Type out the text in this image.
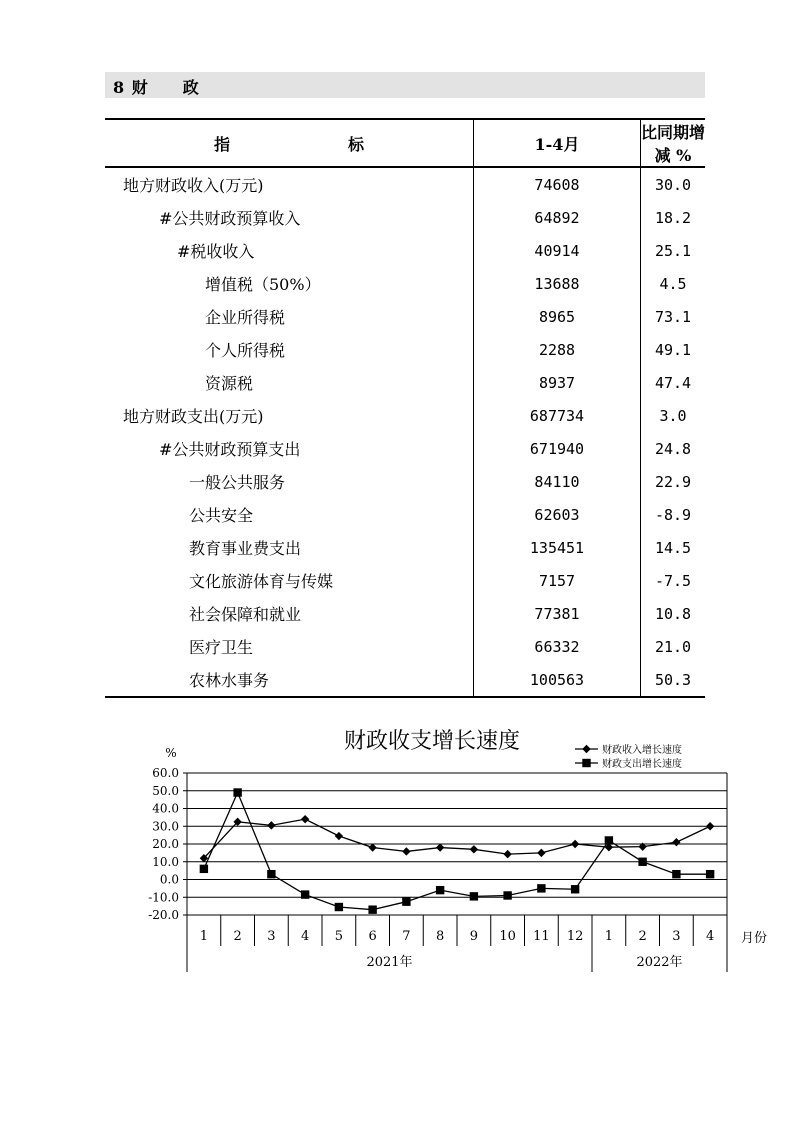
8 财　　政
指　　　标	1-4月	比同期增减 %
地方财政收入(万元)	74608	30.0
#公共财政预算收入	64892	18.2
#税收收入	40914	25.1
增值税（50%）	13688	4.5
企业所得税	8965	73.1
个人所得税	2288	49.1
资源税	8937	47.4
地方财政支出(万元)	687734	3.0
#公共财政预算支出	671940	24.8
一般公共服务	84110	22.9
公共安全	62603	-8.9
教育事业费支出	135451	14.5
文化旅游体育与传媒	7157	-7.5
社会保障和就业	77381	10.8
医疗卫生	66332	21.0
农林水事务	100563	50.3
财政收支增长速度
%	财政收入增长速度
财政支出增长速度
60.0
50.0
40.0
30.0
20.0
10.0
0.0
-10.0
-20.0
1 2 3 4 5 6 7 8 9 10 11 12 1 2 3 4
2021年	2022年
月份
